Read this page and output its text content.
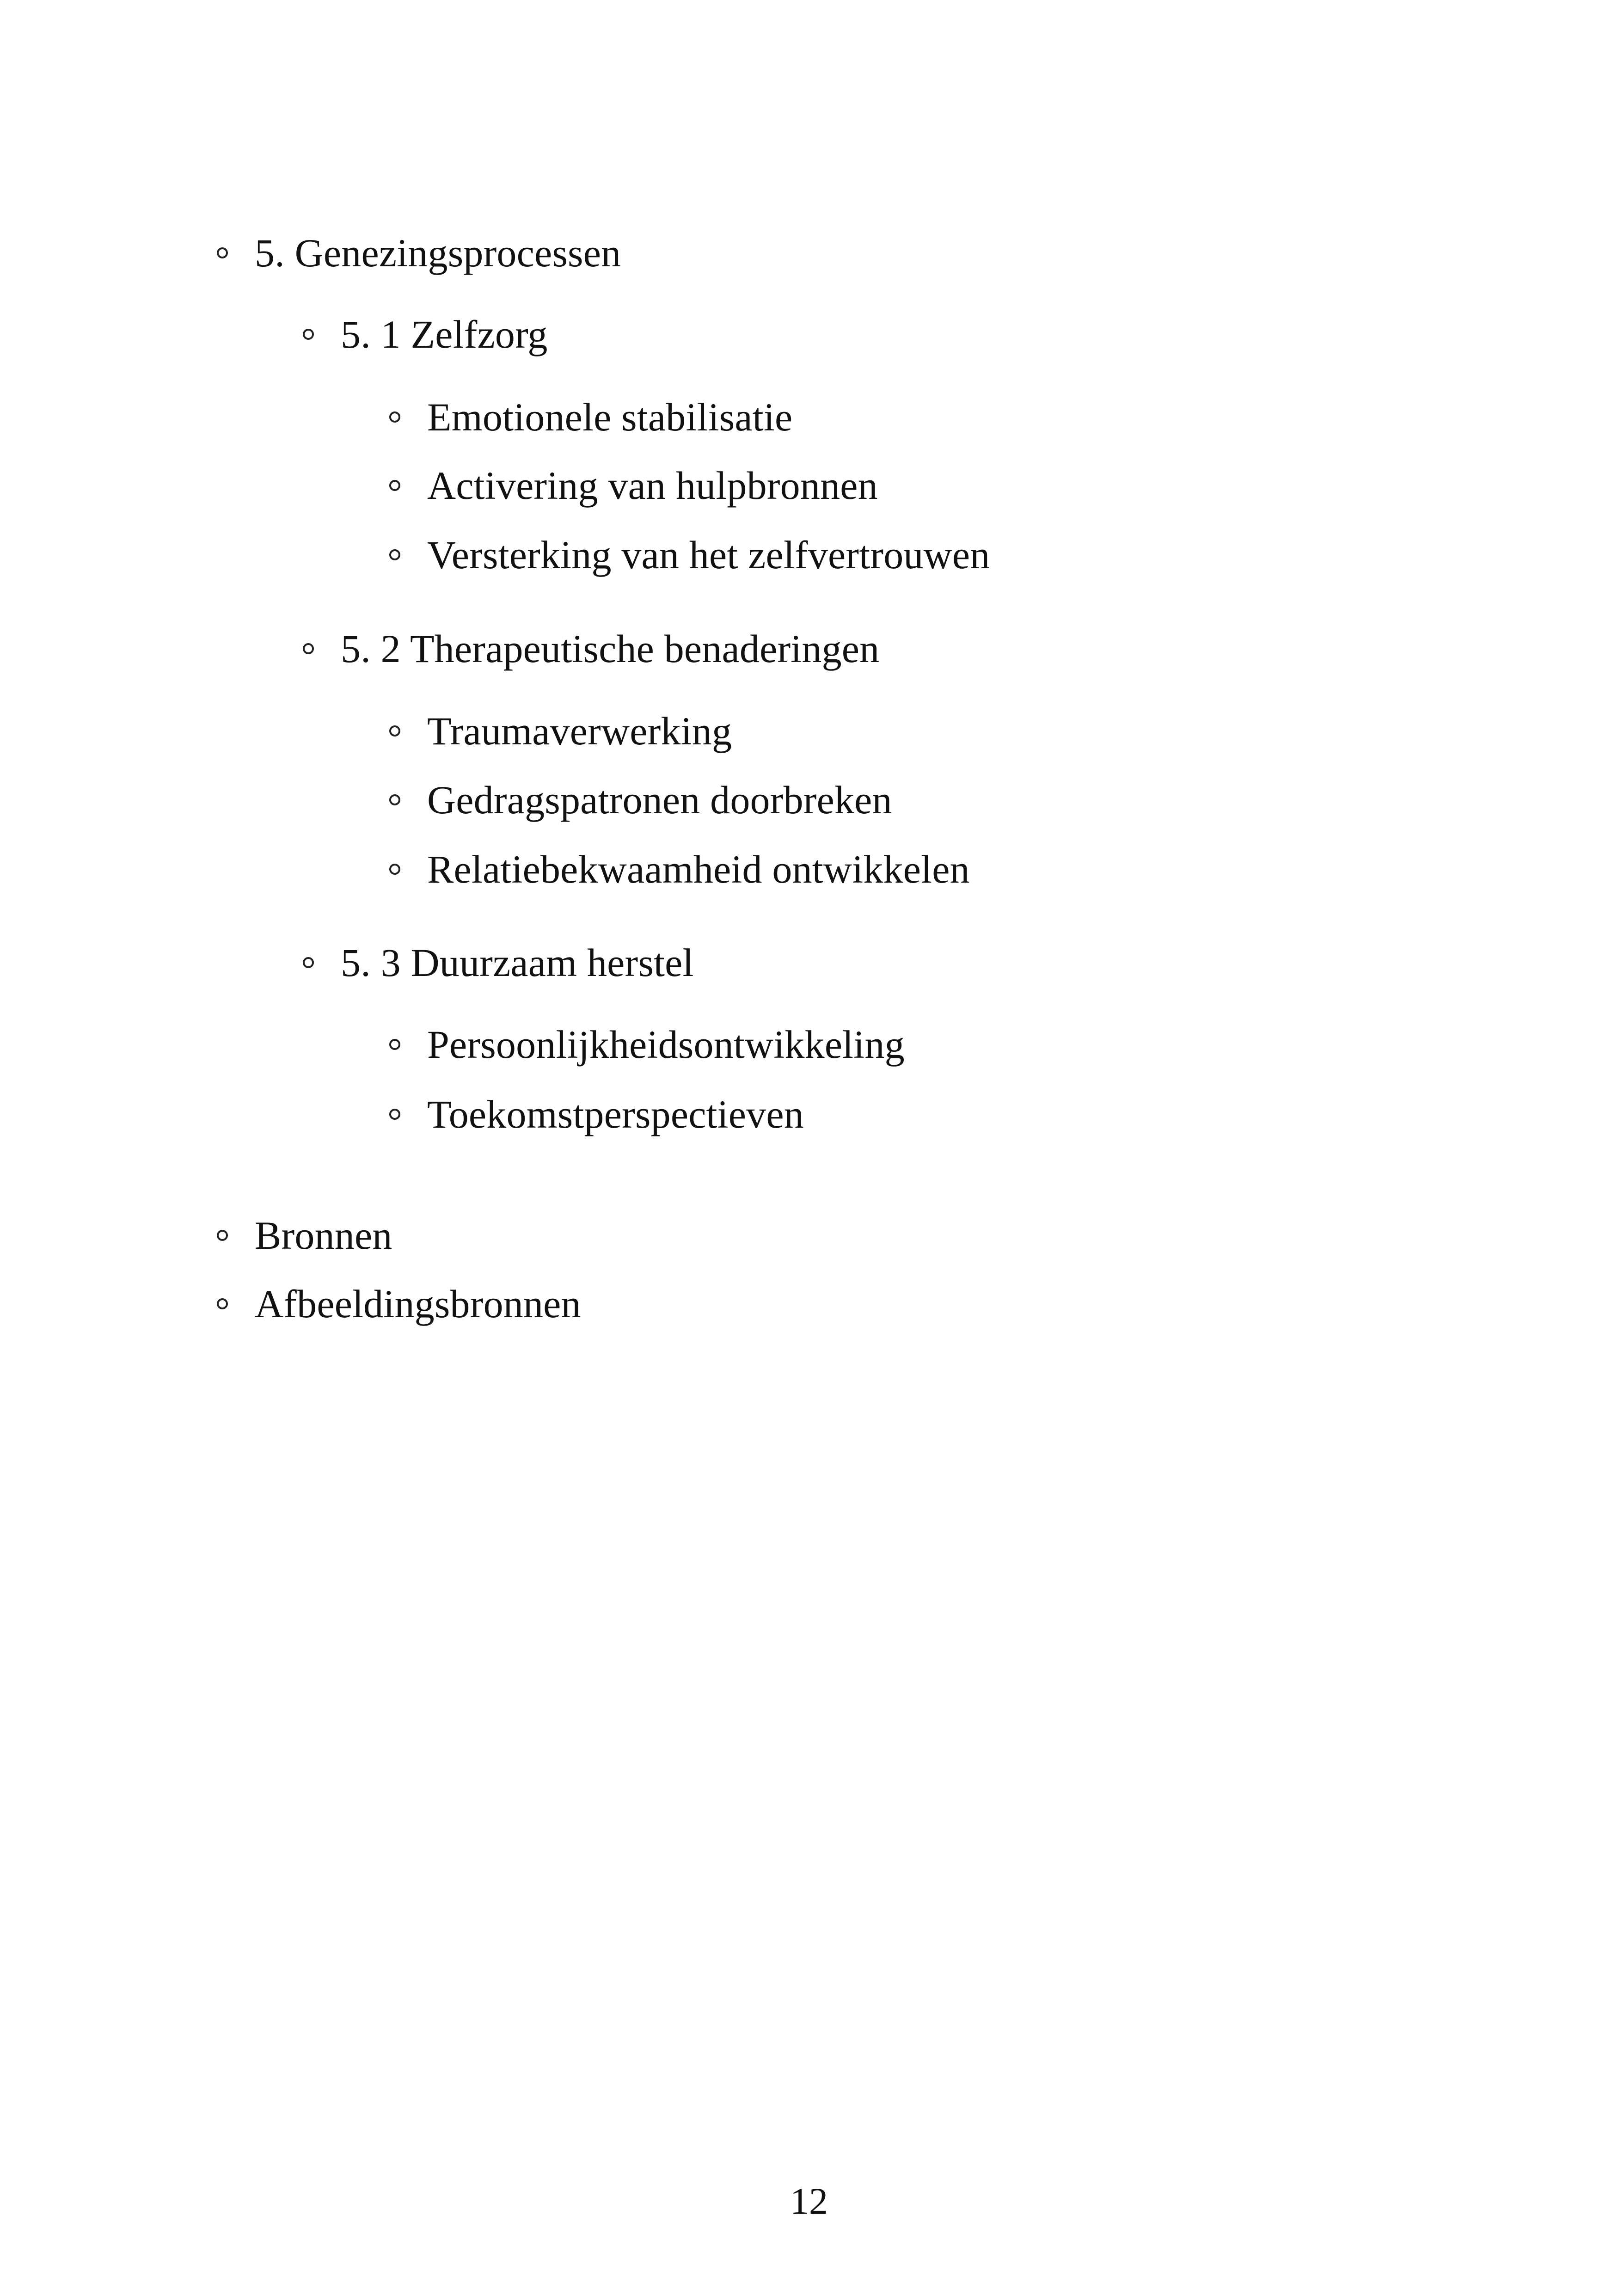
5. Genezingsprocessen
5. 1 Zelfzorg
Emotionele stabilisatie
Activering van hulpbronnen
Versterking van het zelfvertrouwen
5. 2 Therapeutische benaderingen
Traumaverwerking
Gedragspatronen doorbreken
Relatiebekwaamheid ontwikkelen
5. 3 Duurzaam herstel
Persoonlijkheidsontwikkeling
Toekomstperspectieven
Bronnen
Afbeeldingsbronnen
12
